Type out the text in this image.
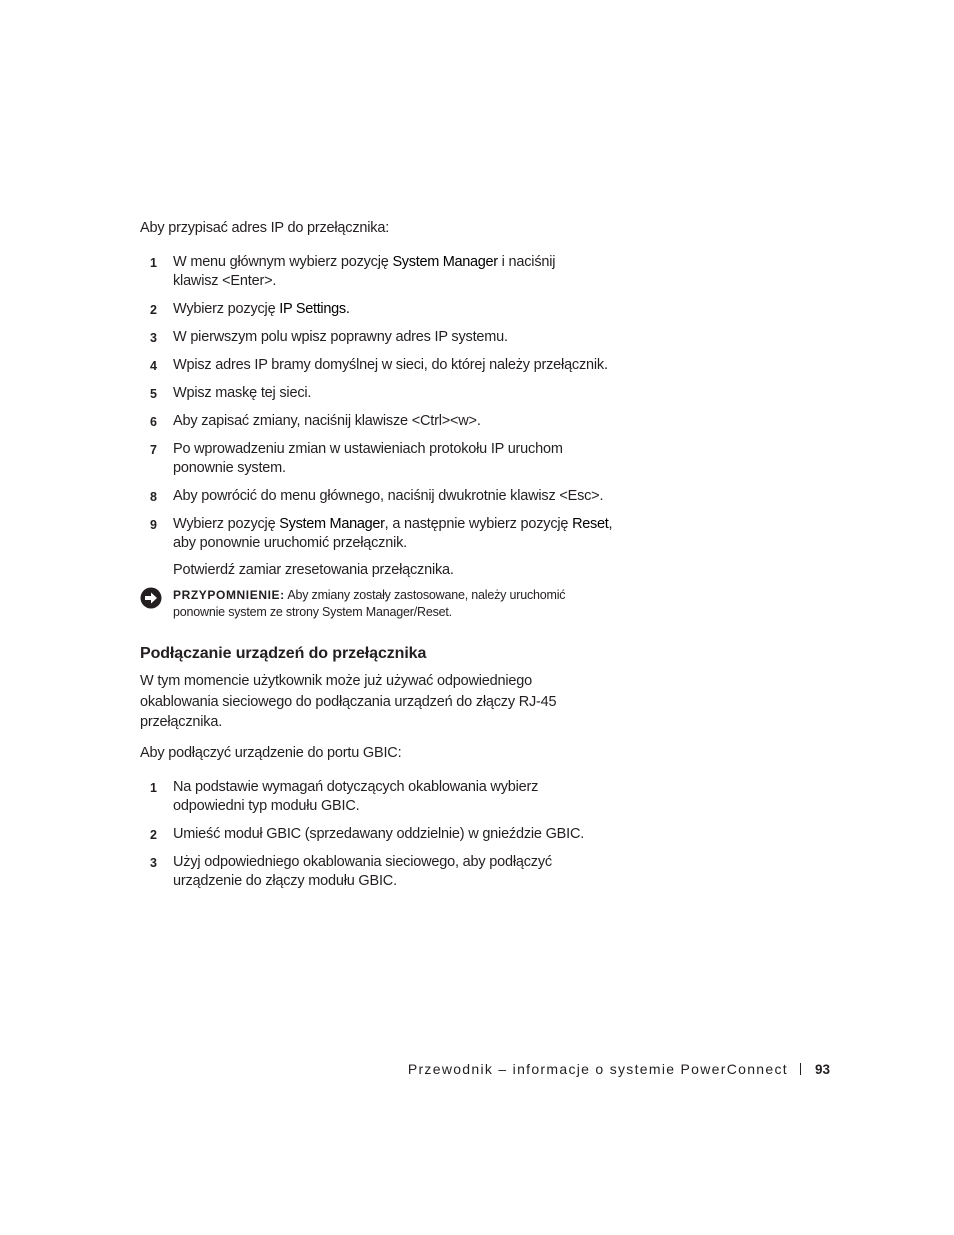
Aby przypisać adres IP do przełącznika:

1 W menu głównym wybierz pozycję System Manager i naciśnij
klawisz <Enter>.
2 Wybierz pozycję IP Settings.
3 W pierwszym polu wpisz poprawny adres IP systemu.
4 Wpisz adres IP bramy domyślnej w sieci, do której należy przełącznik.
5 Wpisz maskę tej sieci.
6 Aby zapisać zmiany, naciśnij klawisze <Ctrl><w>.
7 Po wprowadzeniu zmian w ustawieniach protokołu IP uruchom
ponownie system.
8 Aby powrócić do menu głównego, naciśnij dwukrotnie klawisz <Esc>.
9 Wybierz pozycję System Manager, a następnie wybierz pozycję Reset,
aby ponownie uruchomić przełącznik.
Potwierdź zamiar zresetowania przełącznika.
PRZYPOMNIENIE: Aby zmiany zostały zastosowane, należy uruchomić
ponownie system ze strony System Manager/Reset.
Podłączanie urządzeń do przełącznika

W tym momencie użytkownik może już używać odpowiedniego okablowania sieciowego do podłączania urządzeń do złączy RJ-45 przełącznika.

Aby podłączyć urządzenie do portu GBIC:

1 Na podstawie wymagań dotyczących okablowania wybierz
odpowiedni typ modułu GBIC.
2 Umieść moduł GBIC (sprzedawany oddzielnie) w gnieździe GBIC.
3 Użyj odpowiedniego okablowania sieciowego, aby podłączyć
urządzenie do złączy modułu GBIC.
Przewodnik – informacje o systemie PowerConnect 93
